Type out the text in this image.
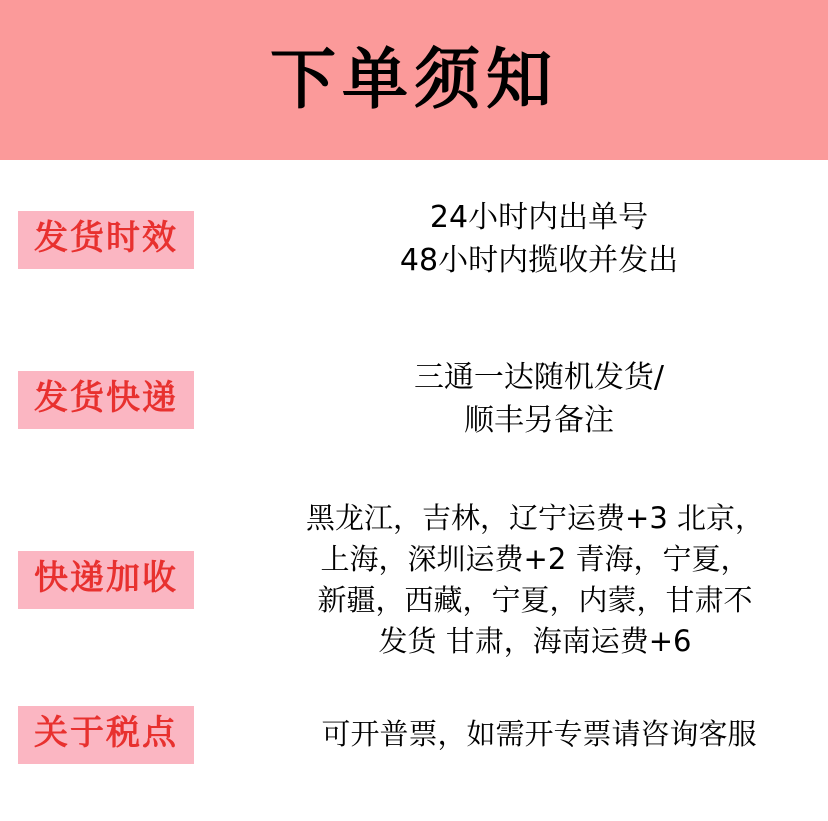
下单须知
发货时效
24小时内出单号
48小时内揽收并发出
发货快递
三通一达随机发货/
顺丰另备注
快递加收
黑龙江，吉林，辽宁运费+3 北京，
上海，深圳运费+2 青海，宁夏，
新疆，西藏，宁夏，内蒙，甘肃不
发货 甘肃，海南运费+6
关于税点	可开普票，如需开专票请咨询客服
